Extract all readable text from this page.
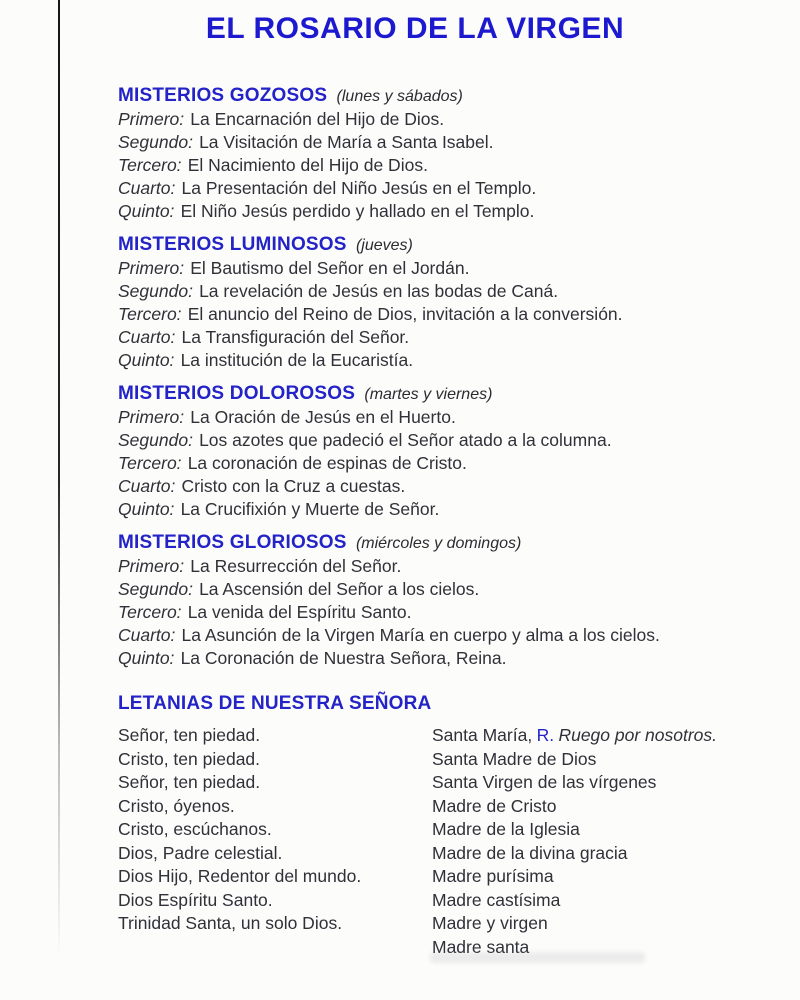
EL ROSARIO DE LA VIRGEN
MISTERIOS GOZOSOS (lunes y sábados)
Primero: La Encarnación del Hijo de Dios.
Segundo: La Visitación de María a Santa Isabel.
Tercero: El Nacimiento del Hijo de Dios.
Cuarto: La Presentación del Niño Jesús en el Templo.
Quinto: El Niño Jesús perdido y hallado en el Templo.
MISTERIOS LUMINOSOS (jueves)
Primero: El Bautismo del Señor en el Jordán.
Segundo: La revelación de Jesús en las bodas de Caná.
Tercero: El anuncio del Reino de Dios, invitación a la conversión.
Cuarto: La Transfiguración del Señor.
Quinto: La institución de la Eucaristía.
MISTERIOS DOLOROSOS (martes y viernes)
Primero: La Oración de Jesús en el Huerto.
Segundo: Los azotes que padeció el Señor atado a la columna.
Tercero: La coronación de espinas de Cristo.
Cuarto: Cristo con la Cruz a cuestas.
Quinto: La Crucifixión y Muerte de Señor.
MISTERIOS GLORIOSOS (miércoles y domingos)
Primero: La Resurrección del Señor.
Segundo: La Ascensión del Señor a los cielos.
Tercero: La venida del Espíritu Santo.
Cuarto: La Asunción de la Virgen María en cuerpo y alma a los cielos.
Quinto: La Coronación de Nuestra Señora, Reina.
LETANIAS DE NUESTRA SEÑORA
Señor, ten piedad.
Cristo, ten piedad.
Señor, ten piedad.
Cristo, óyenos.
Cristo, escúchanos.
Dios, Padre celestial.
Dios Hijo, Redentor del mundo.
Dios Espíritu Santo.
Trinidad Santa, un solo Dios.
Santa María, R. Ruego por nosotros.
Santa Madre de Dios
Santa Virgen de las vírgenes
Madre de Cristo
Madre de la Iglesia
Madre de la divina gracia
Madre purísima
Madre castísima
Madre y virgen
Madre santa
